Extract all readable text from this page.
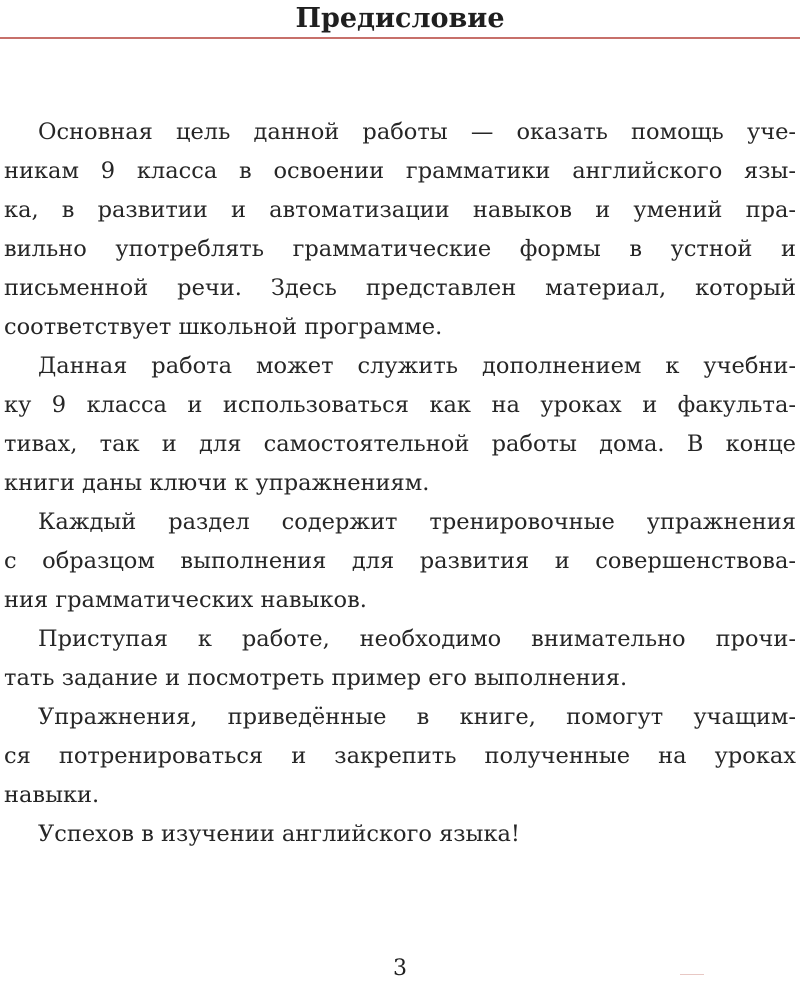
Предисловие

Основная цель данной работы — оказать помощь уче-
никам 9 класса в освоении грамматики английского язы-
ка, в развитии и автоматизации навыков и умений пра-
вильно употреблять грамматические формы в устной и
письменной речи. Здесь представлен материал, который
соответствует школьной программе.

Данная работа может служить дополнением к учебни-
ку 9 класса и использоваться как на уроках и факульта-
тивах, так и для самостоятельной работы дома. В конце
книги даны ключи к упражнениям.

Каждый раздел содержит тренировочные упражнения
с образцом выполнения для развития и совершенствова-
ния грамматических навыков.

Приступая к работе, необходимо внимательно прочи-
тать задание и посмотреть пример его выполнения.

Упражнения, приведённые в книге, помогут учащим-
ся потренироваться и закрепить полученные на уроках
навыки.

Успехов в изучении английского языка!

3
